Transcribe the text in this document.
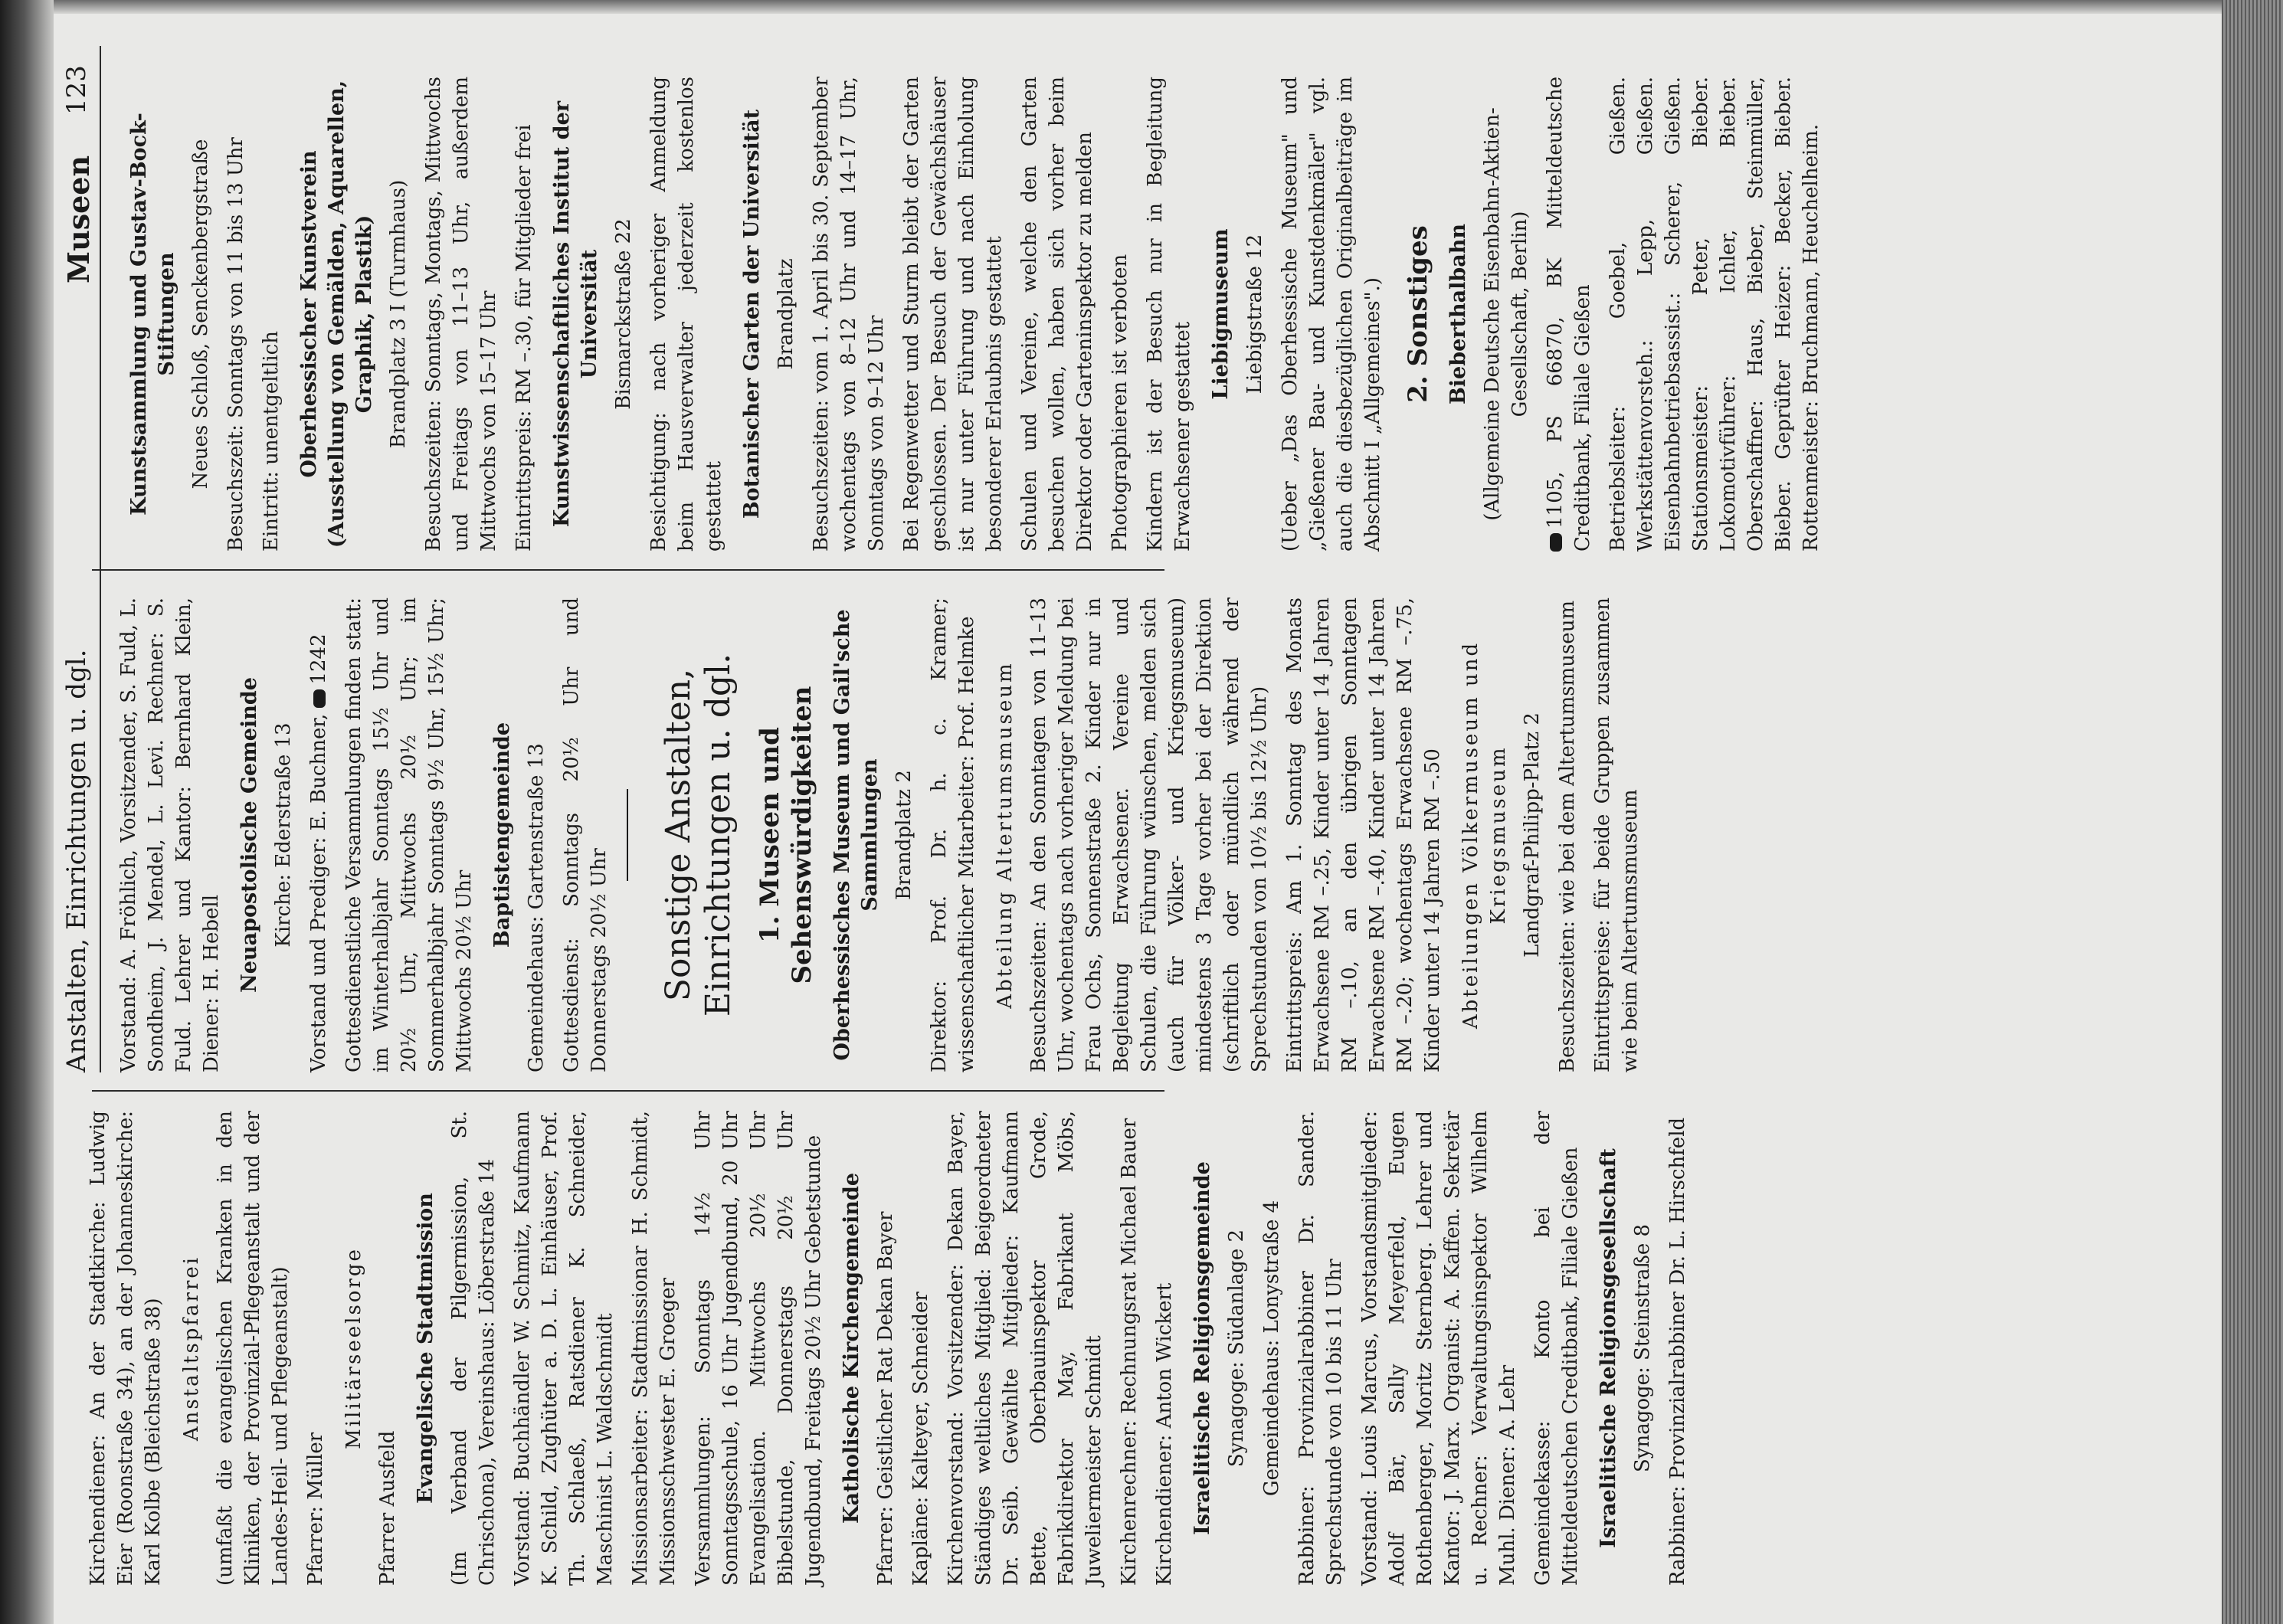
Anstalten, Einrichtungen u. dgl.
Museen
123

Kirchendiener: An der Stadtkirche: Ludwig Eier (Roonstraße 34), an der Johanneskirche: Karl Kolbe (Bleichstraße 38) Anstaltspfarrei (umfaßt die evangelischen Kranken in den Kliniken, der Provinzial-Pflegeanstalt und der Landes-Heil- und Pflegeanstalt) Pfarrer: Müller

Militärseelsorge

Pfarrer Ausfeld

Evangelische Stadtmission (Im Verband der Pilgermission, St. Chrischona), Vereinshaus: Löberstraße 14 Vorstand: Buchhändler W. Schmitz, Kaufmann K. Schild, Zughüter a. D. L. Einhäuser, Prof. Th. Schlaeß, Ratsdiener K. Schneider, Maschinist L. Waldschmidt Missionsarbeiter: Stadtmissionar H. Schmidt, Missionsschwester E. Groeger Versammlungen: Sonntags 14½ Uhr Sonntagsschule, 16 Uhr Jugendbund, 20 Uhr Evangelisation. Mittwochs 20½ Uhr Bibelstunde, Donnerstags 20½ Uhr Jugendbund, Freitags 20½ Uhr Gebetstunde Katholische Kirchengemeinde Pfarrer: Geistlicher Rat Dekan Bayer Kapläne: Kalteyer, Schneider Kirchenvorstand: Vorsitzender: Dekan Bayer, Ständiges weltliches Mitglied: Beigeordneter Dr. Seib. Gewählte Mitglieder: Kaufmann Bette, Oberbauinspektor Grode, Fabrikdirektor May, Fabrikant Möbs, Juweliermeister Schmidt Kirchenrechner: Rechnungsrat Michael Bauer Kirchendiener: Anton Wickert Israelitische Religionsgemeinde Synagoge: Südanlage 2 Gemeindehaus: Lonystraße 4 Rabbiner: Provinzialrabbiner Dr. Sander. Sprechstunde von 10 bis 11 Uhr Vorstand: Louis Marcus, Vorstandsmitglieder: Adolf Bär, Sally Meyerfeld, Eugen Rothenberger, Moritz Sternberg. Lehrer und Kantor: J. Marx. Organist: A. Kaffen. Sekretär u. Rechner: Verwaltungsinspektor Wilhelm Muhl. Diener: A. Lehr Gemeindekasse: Konto bei der Mitteldeutschen Creditbank, Filiale Gießen Israelitische Religionsgesellschaft Synagoge: Steinstraße 8 Rabbiner: Provinzialrabbiner Dr. L. Hirschfeld

Vorstand: A. Fröhlich, Vorsitzender, S. Fuld, L. Sondheim, J. Mendel, L. Levi. Rechner: S. Fuld. Lehrer und Kantor: Bernhard Klein, Diener: H. Hebell Neuapostolische Gemeinde Kirche: Ederstraße 13 Vorstand und Prediger: E. Buchner, 1242 Gottesdienstliche Versammlungen finden statt: im Winterhalbjahr Sonntags 15½ Uhr und 20½ Uhr, Mittwochs 20½ Uhr; im Sommerhalbjahr Sonntags 9½ Uhr, 15½ Uhr; Mittwochs 20½ Uhr

Baptistengemeinde Gemeindehaus: Gartenstraße 13 Gottesdienst: Sonntags 20½ Uhr und Donnerstags 20½ Uhr Sonstige Anstalten, Einrichtungen u. dgl. 1. Museen und Sehenswürdigkeiten Oberhessisches Museum und Gail'sche Sammlungen Brandplatz 2 Direktor: Prof. Dr. h. c. Kramer; wissenschaftlicher Mitarbeiter: Prof. Helmke Abteilung Altertumsmuseum Besuchszeiten: An den Sonntagen von 11–13 Uhr, wochentags nach vorheriger Meldung bei Frau Ochs, Sonnenstraße 2. Kinder nur in Begleitung Erwachsener. Vereine und Schulen, die Führung wünschen, melden sich (auch für Völker- und Kriegsmuseum) mindestens 3 Tage vorher bei der Direktion (schriftlich oder mündlich während der Sprechstunden von 10½ bis 12½ Uhr) Eintrittspreis: Am 1. Sonntag des Monats Erwachsene RM –.25, Kinder unter 14 Jahren RM –.10, an den übrigen Sonntagen Erwachsene RM –.40, Kinder unter 14 Jahren RM –.20; wochentags Erwachsene RM –.75, Kinder unter 14 Jahren RM –.50 Abteilungen Völkermuseum und Kriegsmuseum Landgraf-Philipp-Platz 2 Besuchszeiten: wie bei dem Altertumsmuseum Eintrittspreise: für beide Gruppen zusammen wie beim Altertumsmuseum

Kunstsammlung und Gustav-Bock-Stiftungen Neues Schloß, Senckenbergstraße Besuchszeit: Sonntags von 11 bis 13 Uhr Eintritt: unentgeltlich Oberhessischer Kunstverein (Ausstellung von Gemälden, Aquarellen, Graphik, Plastik) Brandplatz 3 I (Turmhaus) Besuchszeiten: Sonntags, Montags, Mittwochs und Freitags von 11–13 Uhr, außerdem Mittwochs von 15–17 Uhr Eintrittspreis: RM –.30, für Mitglieder frei Kunstwissenschaftliches Institut der Universität Bismarckstraße 22 Besichtigung: nach vorheriger Anmeldung beim Hausverwalter jederzeit kostenlos gestattet Botanischer Garten der Universität Brandplatz Besuchszeiten: vom 1. April bis 30. September wochentags von 8–12 Uhr und 14–17 Uhr, Sonntags von 9–12 Uhr Bei Regenwetter und Sturm bleibt der Garten geschlossen. Der Besuch der Gewächshäuser ist nur unter Führung und nach Einholung besonderer Erlaubnis gestattet Schulen und Vereine, welche den Garten besuchen wollen, haben sich vorher beim Direktor oder Garteninspektor zu melden Photographieren ist verboten Kindern ist der Besuch nur in Begleitung Erwachsener gestattet

Liebigmuseum Liebigstraße 12 (Ueber „Das Oberhessische Museum" und „Gießener Bau- und Kunstdenkmäler" vgl. auch die diesbezüglichen Originalbeiträge im Abschnitt I „Allgemeines".) 2. Sonstiges Bieberthalbahn (Allgemeine Deutsche Eisenbahn-Aktien-Gesellschaft, Berlin) 1105, PS 66870, BK Mitteldeutsche Creditbank, Filiale Gießen Betriebsleiter: Goebel, Gießen. Werkstättenvorsteh.: Lepp, Gießen. Eisenbahnbetriebsassist.: Scherer, Gießen. Stationsmeister: Peter, Bieber. Lokomotivführer: Ichler, Bieber. Oberschaffner: Haus, Bieber, Steinmüller, Bieber. Geprüfter Heizer: Becker, Bieber. Rottenmeister: Bruchmann, Heuchelheim.
